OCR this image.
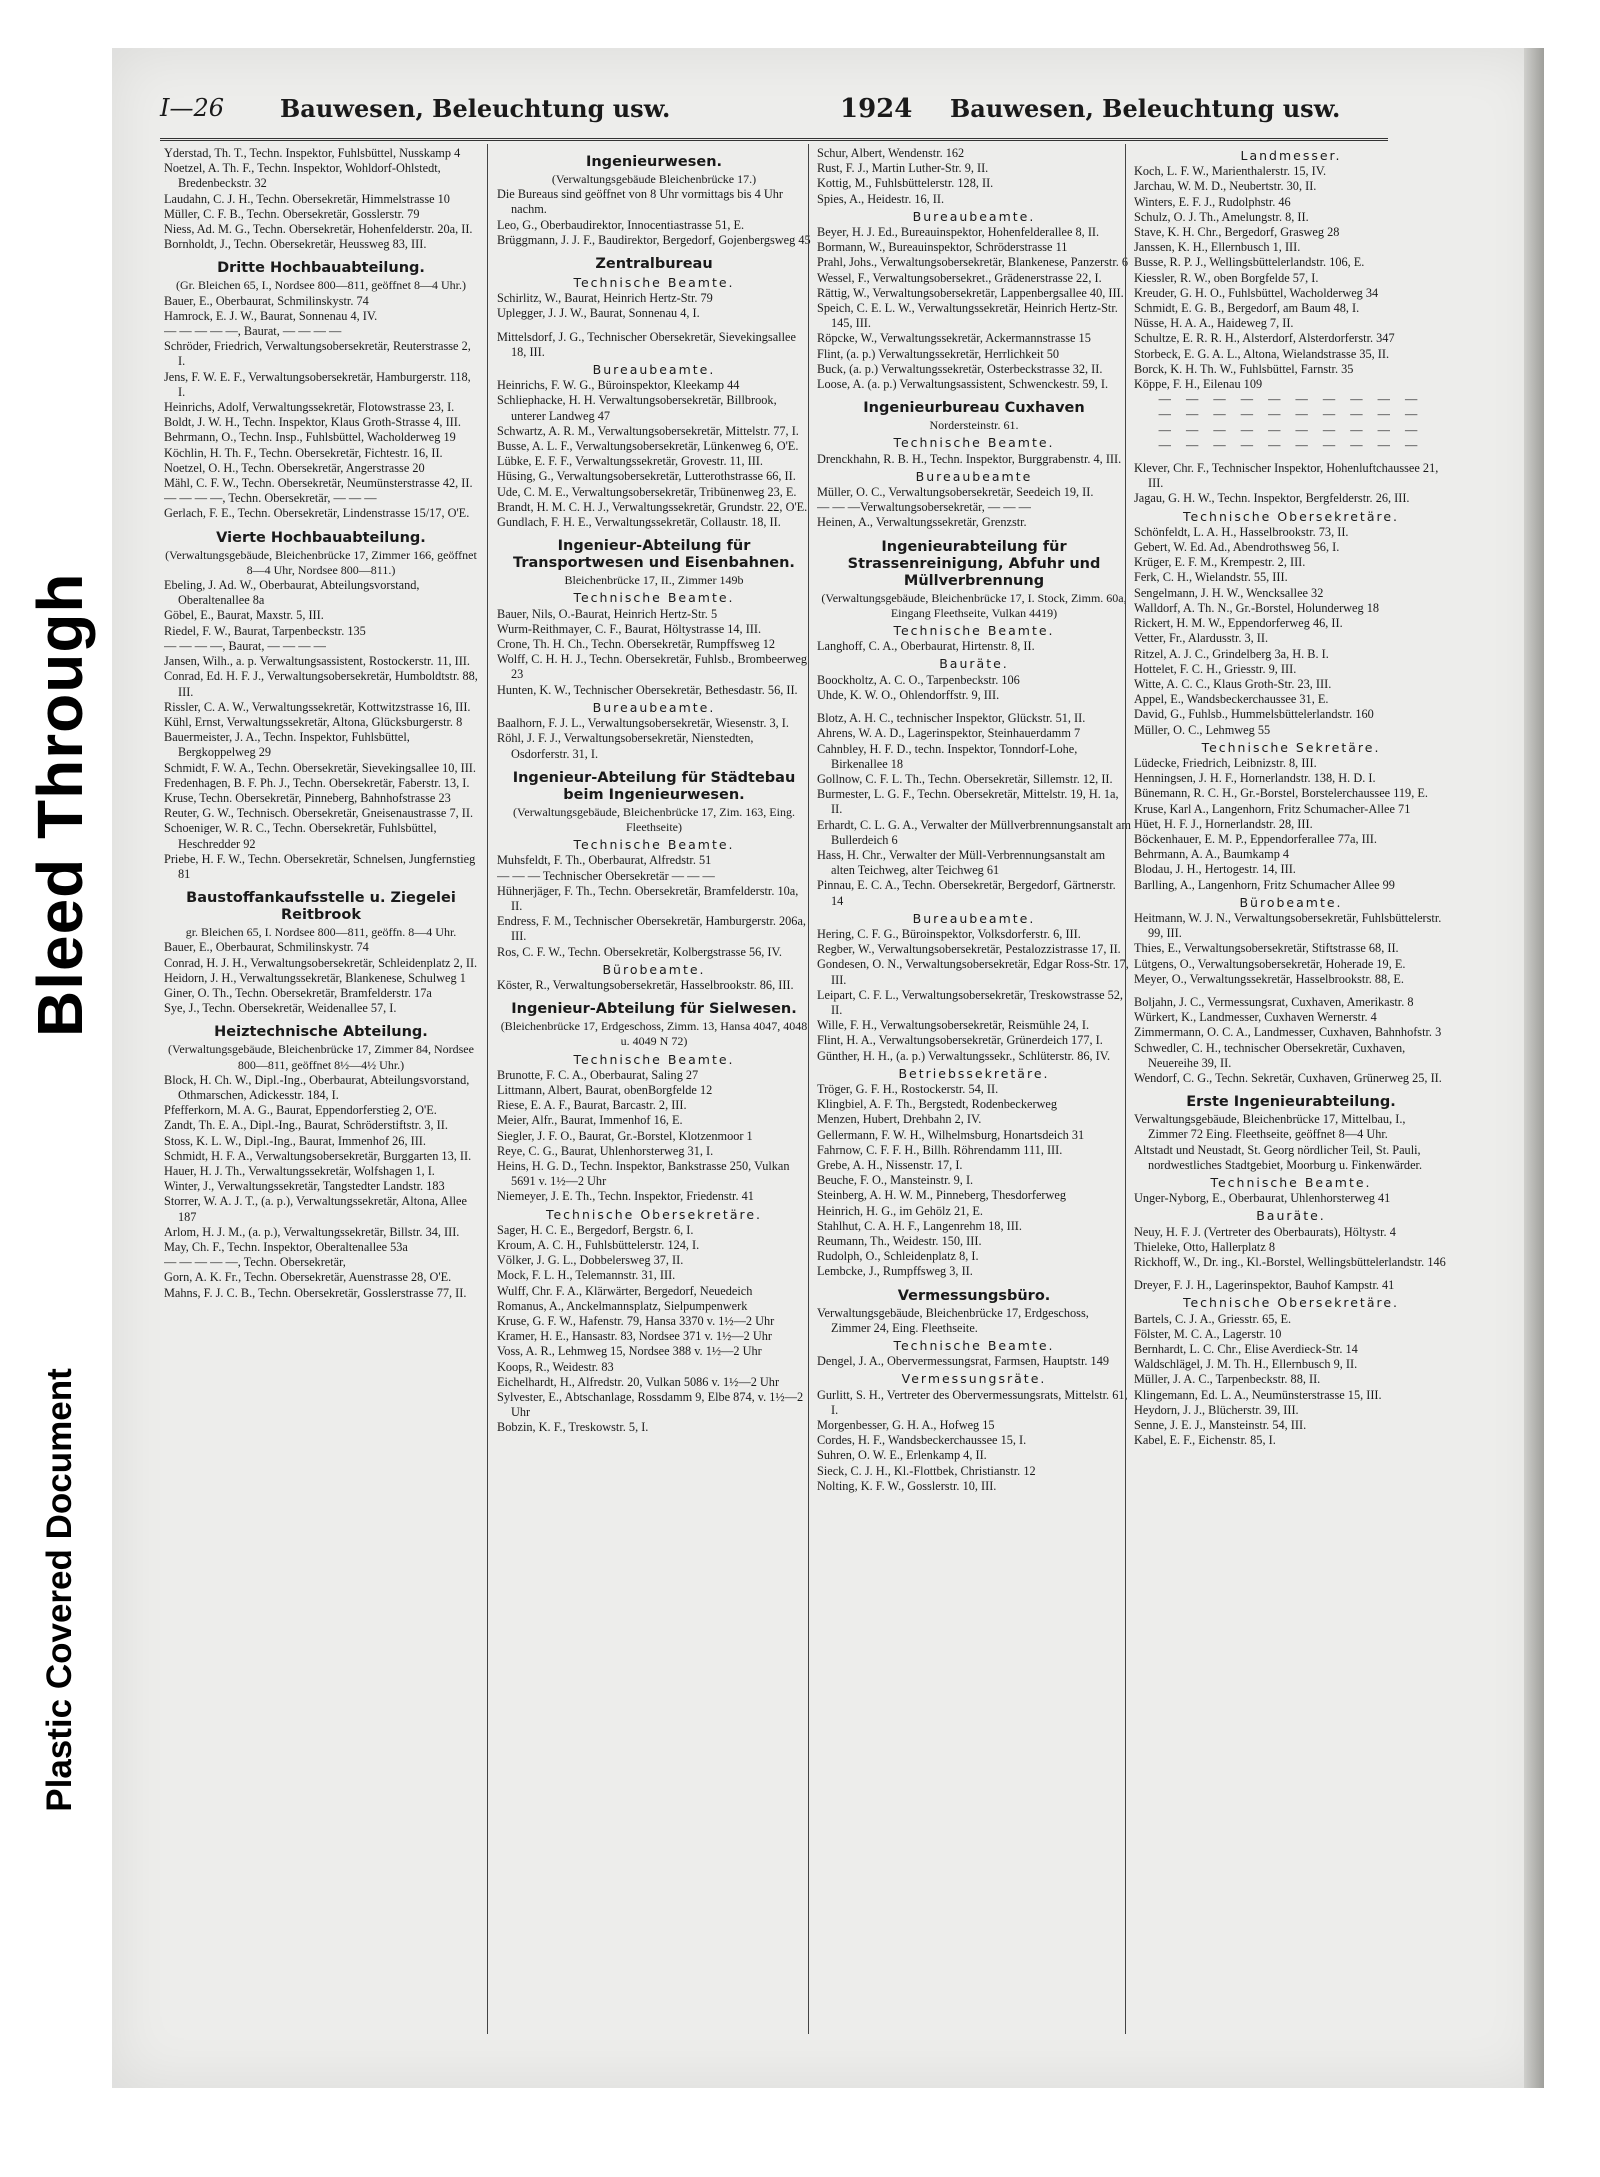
Bleed Through
Plastic Covered Document
I—26 Bauwesen, Beleuchtung usw.	1924 Bauwesen, Beleuchtung usw.

Yderstad, Th. T., Techn. Inspektor, Fuhlsbüttel, Nusskamp 4

Noetzel, A. Th. F., Techn. Inspektor, Wohldorf-Ohlstedt, Bredenbeckstr. 32

Laudahn, C. J. H., Techn. Obersekretär, Himmelstrasse 10

Müller, C. F. B., Techn. Obersekretär, Gosslerstr. 79

Niess, Ad. M. G., Techn. Obersekretär, Hohenfelderstr. 20a, II.

Bornholdt, J., Techn. Obersekretär, Heussweg 83, III.

Dritte Hochbauabteilung.

(Gr. Bleichen 65, I., Nordsee 800—811, geöffnet 8—4 Uhr.)

Bauer, E., Oberbaurat, Schmilinskystr. 74

Hamrock, E. J. W., Baurat, Sonnenau 4, IV.

— — — — —, Baurat, — — — —

Schröder, Friedrich, Verwaltungsobersekretär, Reuterstrasse 2, I.

Jens, F. W. E. F., Verwaltungsobersekretär, Hamburgerstr. 118, I.

Heinrichs, Adolf, Verwaltungssekretär, Flotowstrasse 23, I.

Boldt, J. W. H., Techn. Inspektor, Klaus Groth-Strasse 4, III.

Behrmann, O., Techn. Insp., Fuhlsbüttel, Wacholderweg 19

Köchlin, H. Th. F., Techn. Obersekretär, Fichtestr. 16, II.

Noetzel, O. H., Techn. Obersekretär, Angerstrasse 20

Mähl, C. F. W., Techn. Obersekretär, Neumünsterstrasse 42, II.

— — — —, Techn. Obersekretär, — — —

Gerlach, F. E., Techn. Obersekretär, Lindenstrasse 15/17, O'E.

Vierte Hochbauabteilung.

(Verwaltungsgebäude, Bleichenbrücke 17, Zimmer 166, geöffnet 8—4 Uhr, Nordsee 800—811.)

Ebeling, J. Ad. W., Oberbaurat, Abteilungsvorstand, Oberaltenallee 8a

Göbel, E., Baurat, Maxstr. 5, III.

Riedel, F. W., Baurat, Tarpenbeckstr. 135

— — — —, Baurat, — — — —

Jansen, Wilh., a. p. Verwaltungsassistent, Rostockerstr. 11, III.

Conrad, Ed. H. F. J., Verwaltungsobersekretär, Humboldtstr. 88, III.

Rissler, C. A. W., Verwaltungssekretär, Kottwitzstrasse 16, III.

Kühl, Ernst, Verwaltungssekretär, Altona, Glücksburgerstr. 8

Bauermeister, J. A., Techn. Inspektor, Fuhlsbüttel, Bergkoppelweg 29

Schmidt, F. W. A., Techn. Obersekretär, Sievekingsallee 10, III.

Fredenhagen, B. F. Ph. J., Techn. Obersekretär, Faberstr. 13, I.

Kruse, Techn. Obersekretär, Pinneberg, Bahnhofstrasse 23

Reuter, G. W., Technisch. Obersekretär, Gneisenaustrasse 7, II.

Schoeniger, W. R. C., Techn. Obersekretär, Fuhlsbüttel, Heschredder 92

Priebe, H. F. W., Techn. Obersekretär, Schnelsen, Jungfernstieg 81

Baustoffankaufsstelle u. Ziegelei Reitbrook

gr. Bleichen 65, I. Nordsee 800—811, geöffn. 8—4 Uhr.

Bauer, E., Oberbaurat, Schmilinskystr. 74

Conrad, H. J. H., Verwaltungsobersekretär, Schleidenplatz 2, II.

Heidorn, J. H., Verwaltungssekretär, Blankenese, Schulweg 1

Giner, O. Th., Techn. Obersekretär, Bramfelderstr. 17a

Sye, J., Techn. Obersekretär, Weidenallee 57, I.

Heiztechnische Abteilung.

(Verwaltungsgebäude, Bleichenbrücke 17, Zimmer 84, Nordsee 800—811, geöffnet 8½—4½ Uhr.)

Block, H. Ch. W., Dipl.-Ing., Oberbaurat, Abteilungsvorstand, Othmarschen, Adickesstr. 184, I.

Pfefferkorn, M. A. G., Baurat, Eppendorferstieg 2, O'E.

Zandt, Th. E. A., Dipl.-Ing., Baurat, Schröderstiftstr. 3, II.

Stoss, K. L. W., Dipl.-Ing., Baurat, Immenhof 26, III.

Schmidt, H. F. A., Verwaltungsobersekretär, Burggarten 13, II.

Hauer, H. J. Th., Verwaltungssekretär, Wolfshagen 1, I.

Winter, J., Verwaltungssekretär, Tangstedter Landstr. 183

Storrer, W. A. J. T., (a. p.), Verwaltungssekretär, Altona, Allee 187

Arlom, H. J. M., (a. p.), Verwaltungssekretär, Billstr. 34, III.

May, Ch. F., Techn. Inspektor, Oberaltenallee 53a

— — — — —, Techn. Obersekretär,

Gorn, A. K. Fr., Techn. Obersekretär, Auenstrasse 28, O'E.

Mahns, F. J. C. B., Techn. Obersekretär, Gosslerstrasse 77, II.

Ingenieurwesen.

(Verwaltungsgebäude Bleichenbrücke 17.)

Die Bureaus sind geöffnet von 8 Uhr vormittags bis 4 Uhr nachm.

Leo, G., Oberbaudirektor, Innocentiastrasse 51, E.

Brüggmann, J. J. F., Baudirektor, Bergedorf, Gojenbergsweg 45

Zentralbureau
Technische Beamte.

Schirlitz, W., Baurat, Heinrich Hertz-Str. 79

Uplegger, J. J. W., Baurat, Sonnenau 4, I.

Mittelsdorf, J. G., Technischer Obersekretär, Sievekingsallee 18, III.

Bureaubeamte.

Heinrichs, F. W. G., Büroinspektor, Kleekamp 44

Schliephacke, H. H. Verwaltungsobersekretär, Billbrook, unterer Landweg 47

Schwartz, A. R. M., Verwaltungsobersekretär, Mittelstr. 77, I.

Busse, A. L. F., Verwaltungsobersekretär, Lünkenweg 6, O'E.

Lübke, E. F. F., Verwaltungssekretär, Grovestr. 11, III.

Hüsing, G., Verwaltungsobersekretär, Lutterothstrasse 66, II.

Ude, C. M. E., Verwaltungsobersekretär, Tribünenweg 23, E.

Brandt, H. M. C. H. J., Verwaltungssekretär, Grundstr. 22, O'E.

Gundlach, F. H. E., Verwaltungssekretär, Collaustr. 18, II.

Ingenieur-Abteilung für Transportwesen und Eisenbahnen.

Bleichenbrücke 17, II., Zimmer 149b

Technische Beamte.

Bauer, Nils, O.-Baurat, Heinrich Hertz-Str. 5

Wurm-Reithmayer, C. F., Baurat, Höltystrasse 14, III.

Crone, Th. H. Ch., Techn. Obersekretär, Rumpffsweg 12

Wolff, C. H. H. J., Techn. Obersekretär, Fuhlsb., Brombeerweg 23

Hunten, K. W., Technischer Obersekretär, Bethesdastr. 56, II.

Bureaubeamte.

Baalhorn, F. J. L., Verwaltungsobersekretär, Wiesenstr. 3, I.

Röhl, J. F. J., Verwaltungsobersekretär, Nienstedten, Osdorferstr. 31, I.

Ingenieur-Abteilung für Städtebau beim Ingenieurwesen.

(Verwaltungsgebäude, Bleichenbrücke 17, Zim. 163, Eing. Fleethseite)

Technische Beamte.

Muhsfeldt, F. Th., Oberbaurat, Alfredstr. 51

— — — Technischer Obersekretär — — —

Hühnerjäger, F. Th., Techn. Obersekretär, Bramfelderstr. 10a, II.

Endress, F. M., Technischer Obersekretär, Hamburgerstr. 206a, III.

Ros, C. F. W., Techn. Obersekretär, Kolbergstrasse 56, IV.

Bürobeamte.

Köster, R., Verwaltungsobersekretär, Hasselbrookstr. 86, III.

Ingenieur-Abteilung für Sielwesen.

(Bleichenbrücke 17, Erdgeschoss, Zimm. 13, Hansa 4047, 4048 u. 4049 N 72)

Technische Beamte.

Brunotte, F. C. A., Oberbaurat, Saling 27

Littmann, Albert, Baurat, obenBorgfelde 12

Riese, E. A. F., Baurat, Barcastr. 2, III.

Meier, Alfr., Baurat, Immenhof 16, E.

Siegler, J. F. O., Baurat, Gr.-Borstel, Klotzenmoor 1

Reye, C. G., Baurat, Uhlenhorsterweg 31, I.

Heins, H. G. D., Techn. Inspektor, Bankstrasse 250, Vulkan 5691 v. 1½—2 Uhr

Niemeyer, J. E. Th., Techn. Inspektor, Friedenstr. 41

Technische Obersekretäre.

Sager, H. C. E., Bergedorf, Bergstr. 6, I.

Kroum, A. C. H., Fuhlsbüttelerstr. 124, I.

Völker, J. G. L., Dobbelersweg 37, II.

Mock, F. L. H., Telemannstr. 31, III.

Wulff, Chr. F. A., Klärwärter, Bergedorf, Neuedeich

Romanus, A., Anckelmannsplatz, Sielpumpenwerk

Kruse, G. F. W., Hafenstr. 79, Hansa 3370 v. 1½—2 Uhr

Kramer, H. E., Hansastr. 83, Nordsee 371 v. 1½—2 Uhr

Voss, A. R., Lehmweg 15, Nordsee 388 v. 1½—2 Uhr

Koops, R., Weidestr. 83

Eichelhardt, H., Alfredstr. 20, Vulkan 5086 v. 1½—2 Uhr

Sylvester, E., Abtschanlage, Rossdamm 9, Elbe 874, v. 1½—2 Uhr

Bobzin, K. F., Treskowstr. 5, I.

Schur, Albert, Wendenstr. 162

Rust, F. J., Martin Luther-Str. 9, II.

Kottig, M., Fuhlsbüttelerstr. 128, II.

Spies, A., Heidestr. 16, II.

Bureaubeamte.

Beyer, H. J. Ed., Bureauinspektor, Hohenfelderallee 8, II.

Bormann, W., Bureauinspektor, Schröderstrasse 11

Prahl, Johs., Verwaltungsobersekretär, Blankenese, Panzerstr. 6

Wessel, F., Verwaltungsobersekret., Grädenerstrasse 22, I.

Rättig, W., Verwaltungsobersekretär, Lappenbergsallee 40, III.

Speich, C. E. L. W., Verwaltungssekretär, Heinrich Hertz-Str. 145, III.

Röpcke, W., Verwaltungssekretär, Ackermannstrasse 15

Flint, (a. p.) Verwaltungssekretär, Herrlichkeit 50

Buck, (a. p.) Verwaltungssekretär, Osterbeckstrasse 32, II.

Loose, A. (a. p.) Verwaltungsassistent, Schwenckestr. 59, I.

Ingenieurbureau Cuxhaven

Nordersteinstr. 61.

Technische Beamte.

Drenckhahn, R. B. H., Techn. Inspektor, Burggrabenstr. 4, III.

Bureaubeamte

Müller, O. C., Verwaltungsobersekretär, Seedeich 19, II.

— — —Verwaltungsobersekretär, — — —

Heinen, A., Verwaltungssekretär, Grenzstr.

Ingenieurabteilung für Strassenreinigung, Abfuhr und Müllverbrennung

(Verwaltungsgebäude, Bleichenbrücke 17, I. Stock, Zimm. 60a, Eingang Fleethseite, Vulkan 4419)

Technische Beamte.

Langhoff, C. A., Oberbaurat, Hirtenstr. 8, II.

Bauräte.

Boockholtz, A. C. O., Tarpenbeckstr. 106

Uhde, K. W. O., Ohlendorffstr. 9, III.

Blotz, A. H. C., technischer Inspektor, Glückstr. 51, II.

Ahrens, W. A. D., Lagerinspektor, Steinhauerdamm 7

Cahnbley, H. F. D., techn. Inspektor, Tonndorf-Lohe, Birkenallee 18

Gollnow, C. F. L. Th., Techn. Obersekretär, Sillemstr. 12, II.

Burmester, L. G. F., Techn. Obersekretär, Mittelstr. 19, H. 1a, II.

Erhardt, C. L. G. A., Verwalter der Müllverbrennungsanstalt am Bullerdeich 6

Hass, H. Chr., Verwalter der Müll-Verbrennungsanstalt am alten Teichweg, alter Teichweg 61

Pinnau, E. C. A., Techn. Obersekretär, Bergedorf, Gärtnerstr. 14

Bureaubeamte.

Hering, C. F. G., Büroinspektor, Volksdorferstr. 6, III.

Regber, W., Verwaltungsobersekretär, Pestalozzistrasse 17, II.

Gondesen, O. N., Verwaltungsobersekretär, Edgar Ross-Str. 17, III.

Leipart, C. F. L., Verwaltungsobersekretär, Treskowstrasse 52, II.

Wille, F. H., Verwaltungsobersekretär, Reismühle 24, I.

Flint, H. A., Verwaltungsobersekretär, Grünerdeich 177, I.

Günther, H. H., (a. p.) Verwaltungssekr., Schlüterstr. 86, IV.

Betriebssekretäre.

Tröger, G. F. H., Rostockerstr. 54, II.

Klingbiel, A. F. Th., Bergstedt, Rodenbeckerweg

Menzen, Hubert, Drehbahn 2, IV.

Gellermann, F. W. H., Wilhelmsburg, Honartsdeich 31

Fahrnow, C. F. F. H., Billh. Röhrendamm 111, III.

Grebe, A. H., Nissenstr. 17, I.

Beuche, F. O., Mansteinstr. 9, I.

Steinberg, A. H. W. M., Pinneberg, Thesdorferweg

Heinrich, H. G., im Gehölz 21, E.

Stahlhut, C. A. H. F., Langenrehm 18, III.

Reumann, Th., Weidestr. 150, III.

Rudolph, O., Schleidenplatz 8, I.

Lembcke, J., Rumpffsweg 3, II.

Vermessungsbüro.

Verwaltungsgebäude, Bleichenbrücke 17, Erdgeschoss, Zimmer 24, Eing. Fleethseite.

Technische Beamte.

Dengel, J. A., Obervermessungsrat, Farmsen, Hauptstr. 149

Vermessungsräte.

Gurlitt, S. H., Vertreter des Obervermessungsrats, Mittelstr. 61, I.

Morgenbesser, G. H. A., Hofweg 15

Cordes, H. F., Wandsbeckerchaussee 15, I.

Suhren, O. W. E., Erlenkamp 4, II.

Sieck, C. J. H., Kl.-Flottbek, Christianstr. 12

Nolting, K. F. W., Gosslerstr. 10, III.

Landmesser.

Koch, L. F. W., Marienthalerstr. 15, IV.

Jarchau, W. M. D., Neubertstr. 30, II.

Winters, E. F. J., Rudolphstr. 46

Schulz, O. J. Th., Amelungstr. 8, II.

Stave, K. H. Chr., Bergedorf, Grasweg 28

Janssen, K. H., Ellernbusch 1, III.

Busse, R. P. J., Wellingsbüttelerlandstr. 106, E.

Kiessler, R. W., oben Borgfelde 57, I.

Kreuder, G. H. O., Fuhlsbüttel, Wacholderweg 34

Schmidt, E. G. B., Bergedorf, am Baum 48, I.

Nüsse, H. A. A., Haideweg 7, II.

Schultze, E. R. R. H., Alsterdorf, Alsterdorferstr. 347

Storbeck, E. G. A. L., Altona, Wielandstrasse 35, II.

Borck, K. H. Th. W., Fuhlsbüttel, Farnstr. 35

Köppe, F. H., Eilenau 109

— — — — — — — — — —

— — — — — — — — — —

— — — — — — — — — —

— — — — — — — — — —

Klever, Chr. F., Technischer Inspektor, Hohenluftchaussee 21, III.

Jagau, G. H. W., Techn. Inspektor, Bergfelderstr. 26, III.

Technische Obersekretäre.

Schönfeldt, L. A. H., Hasselbrookstr. 73, II.

Gebert, W. Ed. Ad., Abendrothsweg 56, I.

Krüger, E. F. M., Krempestr. 2, III.

Ferk, C. H., Wielandstr. 55, III.

Sengelmann, J. H. W., Wencksallee 32

Walldorf, A. Th. N., Gr.-Borstel, Holunderweg 18

Rickert, H. M. W., Eppendorferweg 46, II.

Vetter, Fr., Alardusstr. 3, II.

Ritzel, A. J. C., Grindelberg 3a, H. B. I.

Hottelet, F. C. H., Griesstr. 9, III.

Witte, A. C. C., Klaus Groth-Str. 23, III.

Appel, E., Wandsbeckerchaussee 31, E.

David, G., Fuhlsb., Hummelsbüttelerlandstr. 160

Müller, O. C., Lehmweg 55

Technische Sekretäre.

Lüdecke, Friedrich, Leibnizstr. 8, III.

Henningsen, J. H. F., Hornerlandstr. 138, H. D. I.

Bünemann, R. C. H., Gr.-Borstel, Borstelerchaussee 119, E.

Kruse, Karl A., Langenhorn, Fritz Schumacher-Allee 71

Hüet, H. F. J., Hornerlandstr. 28, III.

Böckenhauer, E. M. P., Eppendorferallee 77a, III.

Behrmann, A. A., Baumkamp 4

Blodau, J. H., Hertogestr. 14, III.

Barlling, A., Langenhorn, Fritz Schumacher Allee 99

Bürobeamte.

Heitmann, W. J. N., Verwaltungsobersekretär, Fuhlsbüttelerstr. 99, III.

Thies, E., Verwaltungsobersekretär, Stiftstrasse 68, II.

Lütgens, O., Verwaltungsobersekretär, Hoherade 19, E.

Meyer, O., Verwaltungssekretär, Hasselbrookstr. 88, E.

Boljahn, J. C., Vermessungsrat, Cuxhaven, Amerikastr. 8

Würkert, K., Landmesser, Cuxhaven Wernerstr. 4

Zimmermann, O. C. A., Landmesser, Cuxhaven, Bahnhofstr. 3

Schwedler, C. H., technischer Obersekretär, Cuxhaven, Neuereihe 39, II.

Wendorf, C. G., Techn. Sekretär, Cuxhaven, Grünerweg 25, II.

Erste Ingenieurabteilung.

Verwaltungsgebäude, Bleichenbrücke 17, Mittelbau, I., Zimmer 72 Eing. Fleethseite, geöffnet 8—4 Uhr.

Altstadt und Neustadt, St. Georg nördlicher Teil, St. Pauli, nordwestliches Stadtgebiet, Moorburg u. Finkenwärder.

Technische Beamte.

Unger-Nyborg, E., Oberbaurat, Uhlenhorsterweg 41

Bauräte.

Neuy, H. F. J. (Vertreter des Oberbaurats), Höltystr. 4

Thieleke, Otto, Hallerplatz 8

Rickhoff, W., Dr. ing., Kl.-Borstel, Wellingsbüttelerlandstr. 146

Dreyer, F. J. H., Lagerinspektor, Bauhof Kampstr. 41

Technische Obersekretäre.

Bartels, C. J. A., Griesstr. 65, E.

Fölster, M. C. A., Lagerstr. 10

Bernhardt, L. C. Chr., Elise Averdieck-Str. 14

Waldschlägel, J. M. Th. H., Ellernbusch 9, II.

Müller, J. A. C., Tarpenbeckstr. 88, II.

Klingemann, Ed. L. A., Neumünsterstrasse 15, III.

Heydorn, J. J., Blücherstr. 39, III.

Senne, J. E. J., Mansteinstr. 54, III.

Kabel, E. F., Eichenstr. 85, I.
